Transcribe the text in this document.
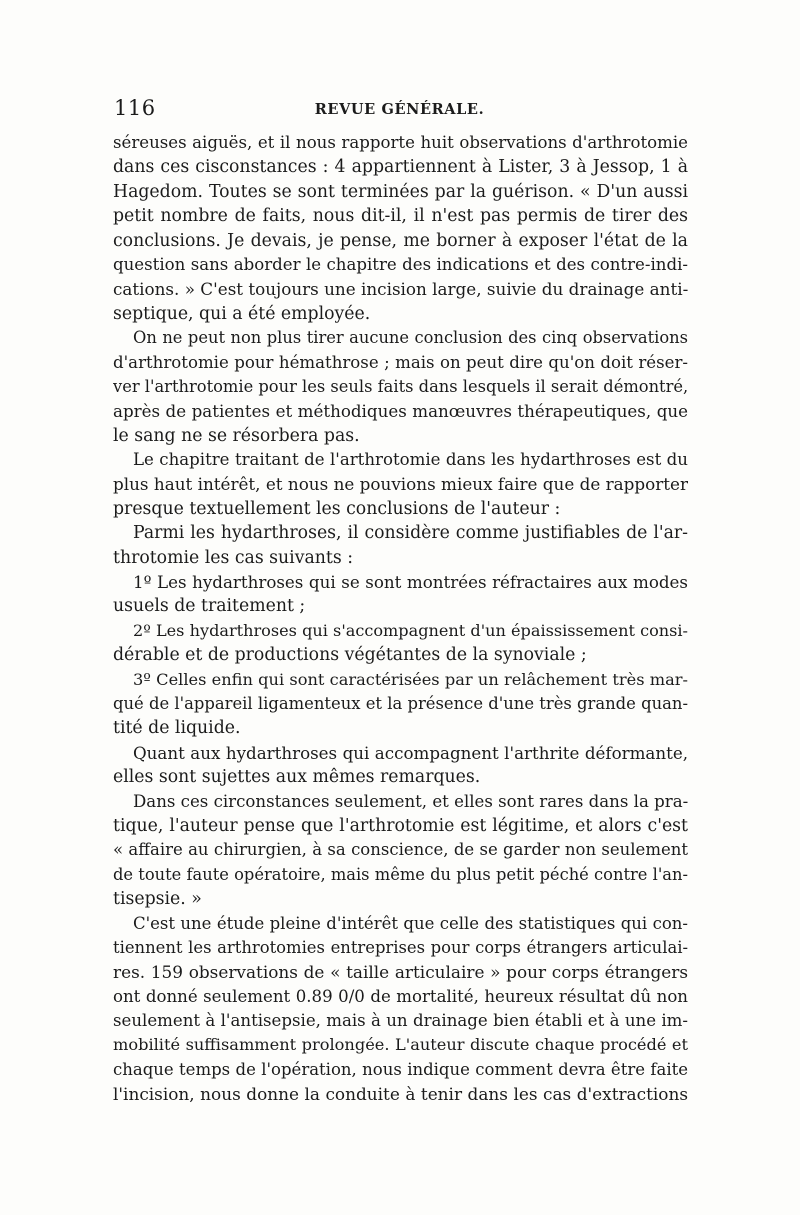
116	REVUE GÉNÉRALE.
séreuses aiguës, et il nous rapporte huit observations d'arthrotomie
dans ces cisconstances : 4 appartiennent à Lister, 3 à Jessop, 1 à
Hagedom. Toutes se sont terminées par la guérison. « D'un aussi
petit nombre de faits, nous dit-il, il n'est pas permis de tirer des
conclusions. Je devais, je pense, me borner à exposer l'état de la
question sans aborder le chapitre des indications et des contre-indi-
cations. » C'est toujours une incision large, suivie du drainage anti-
septique, qui a été employée.
On ne peut non plus tirer aucune conclusion des cinq observations
d'arthrotomie pour hémathrose ; mais on peut dire qu'on doit réser-
ver l'arthrotomie pour les seuls faits dans lesquels il serait démontré,
après de patientes et méthodiques manœuvres thérapeutiques, que
le sang ne se résorbera pas.
Le chapitre traitant de l'arthrotomie dans les hydarthroses est du
plus haut intérêt, et nous ne pouvions mieux faire que de rapporter
presque textuellement les conclusions de l'auteur :
Parmi les hydarthroses, il considère comme justifiables de l'ar-
throtomie les cas suivants :
1º Les hydarthroses qui se sont montrées réfractaires aux modes
usuels de traitement ;
2º Les hydarthroses qui s'accompagnent d'un épaississement consi-
dérable et de productions végétantes de la synoviale ;
3º Celles enfin qui sont caractérisées par un relâchement très mar-
qué de l'appareil ligamenteux et la présence d'une très grande quan-
tité de liquide.
Quant aux hydarthroses qui accompagnent l'arthrite déformante,
elles sont sujettes aux mêmes remarques.
Dans ces circonstances seulement, et elles sont rares dans la pra-
tique, l'auteur pense que l'arthrotomie est légitime, et alors c'est
« affaire au chirurgien, à sa conscience, de se garder non seulement
de toute faute opératoire, mais même du plus petit péché contre l'an-
tisepsie. »
C'est une étude pleine d'intérêt que celle des statistiques qui con-
tiennent les arthrotomies entreprises pour corps étrangers articulai-
res. 159 observations de « taille articulaire » pour corps étrangers
ont donné seulement 0.89 0/0 de mortalité, heureux résultat dû non
seulement à l'antisepsie, mais à un drainage bien établi et à une im-
mobilité suffisamment prolongée. L'auteur discute chaque procédé et
chaque temps de l'opération, nous indique comment devra être faite
l'incision, nous donne la conduite à tenir dans les cas d'extractions
